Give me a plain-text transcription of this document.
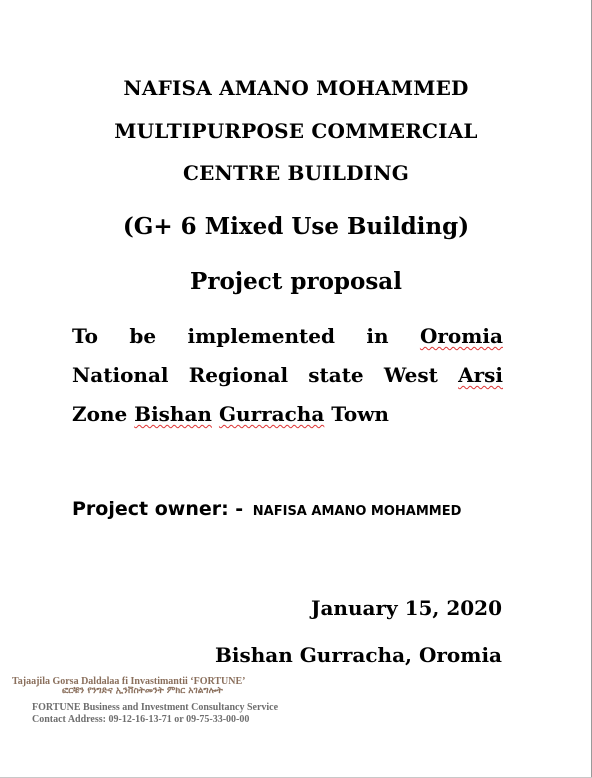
NAFISA AMANO MOHAMMED
MULTIPURPOSE COMMERCIAL
CENTRE BUILDING
(G+ 6 Mixed Use Building)
Project proposal
To be implemented in Oromia
National Regional state West Arsi
Zone Bishan Gurracha Town
Project owner: - NAFISA AMANO MOHAMMED
January 15, 2020
Bishan Gurracha, Oromia
Tajaajila Gorsa Daldalaa fi Invastimantii ‘FORTUNE’
ፎርቹን የንግድና ኢንቨስትመንት ምክር አገልግሎት
FORTUNE Business and Investment Consultancy Service
Contact Address: 09-12-16-13-71 or 09-75-33-00-00
